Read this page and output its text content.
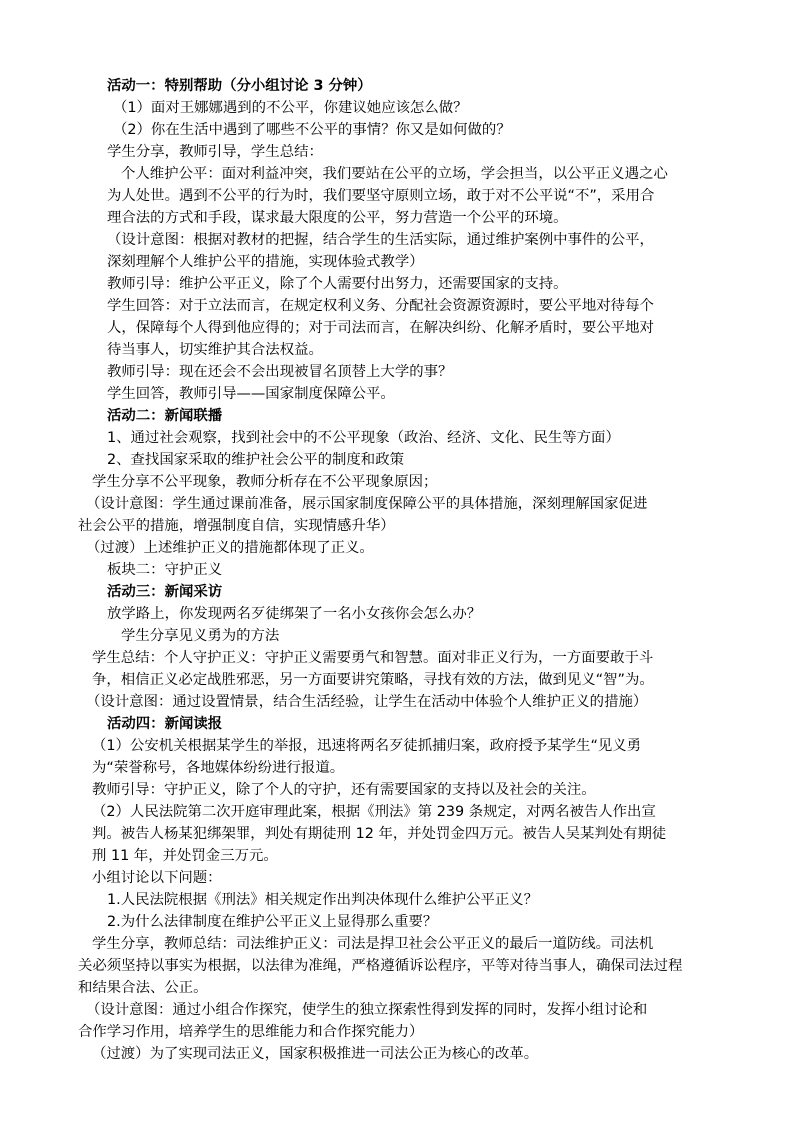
活动一：特别帮助（分小组讨论 3 分钟）
（1）面对王娜娜遇到的不公平，你建议她应该怎么做？
（2）你在生活中遇到了哪些不公平的事情？你又是如何做的？
学生分享，教师引导，学生总结：
个人维护公平：面对利益冲突，我们要站在公平的立场，学会担当，以公平正义遇之心
为人处世。遇到不公平的行为时，我们要坚守原则立场，敢于对不公平说“不”，采用合
理合法的方式和手段，谋求最大限度的公平，努力营造一个公平的环境。
（设计意图：根据对教材的把握，结合学生的生活实际，通过维护案例中事件的公平，
深刻理解个人维护公平的措施，实现体验式教学）
教师引导：维护公平正义，除了个人需要付出努力，还需要国家的支持。
学生回答：对于立法而言，在规定权利义务、分配社会资源资源时，要公平地对待每个
人，保障每个人得到他应得的；对于司法而言，在解决纠纷、化解矛盾时，要公平地对
待当事人，切实维护其合法权益。
教师引导：现在还会不会出现被冒名顶替上大学的事？
学生回答，教师引导——国家制度保障公平。
活动二：新闻联播
1、通过社会观察，找到社会中的不公平现象（政治、经济、文化、民生等方面）
2、查找国家采取的维护社会公平的制度和政策
学生分享不公平现象，教师分析存在不公平现象原因；
（设计意图：学生通过课前准备，展示国家制度保障公平的具体措施，深刻理解国家促进
社会公平的措施，增强制度自信，实现情感升华）
（过渡）上述维护正义的措施都体现了正义。
板块二：守护正义
活动三：新闻采访
放学路上，你发现两名歹徒绑架了一名小女孩你会怎么办？
学生分享见义勇为的方法
学生总结：个人守护正义：守护正义需要勇气和智慧。面对非正义行为，一方面要敢于斗
争，相信正义必定战胜邪恶，另一方面要讲究策略，寻找有效的方法，做到见义“智”为。
（设计意图：通过设置情景，结合生活经验，让学生在活动中体验个人维护正义的措施）
活动四：新闻读报
（1）公安机关根据某学生的举报，迅速将两名歹徒抓捕归案，政府授予某学生“见义勇
为“荣誉称号，各地媒体纷纷进行报道。
教师引导：守护正义，除了个人的守护，还有需要国家的支持以及社会的关注。
（2）人民法院第二次开庭审理此案，根据《刑法》第 239 条规定，对两名被告人作出宣
判。被告人杨某犯绑架罪，判处有期徒刑 12 年，并处罚金四万元。被告人吴某判处有期徒
刑 11 年，并处罚金三万元。
小组讨论以下问题：
1.人民法院根据《刑法》相关规定作出判决体现什么维护公平正义？
2.为什么法律制度在维护公平正义上显得那么重要？
学生分享，教师总结：司法维护正义：司法是捍卫社会公平正义的最后一道防线。司法机
关必须坚持以事实为根据，以法律为准绳，严格遵循诉讼程序，平等对待当事人，确保司法过程
和结果合法、公正。
（设计意图：通过小组合作探究，使学生的独立探索性得到发挥的同时，发挥小组讨论和
合作学习作用，培养学生的思维能力和合作探究能力）
（过渡）为了实现司法正义，国家积极推进一司法公正为核心的改革。
